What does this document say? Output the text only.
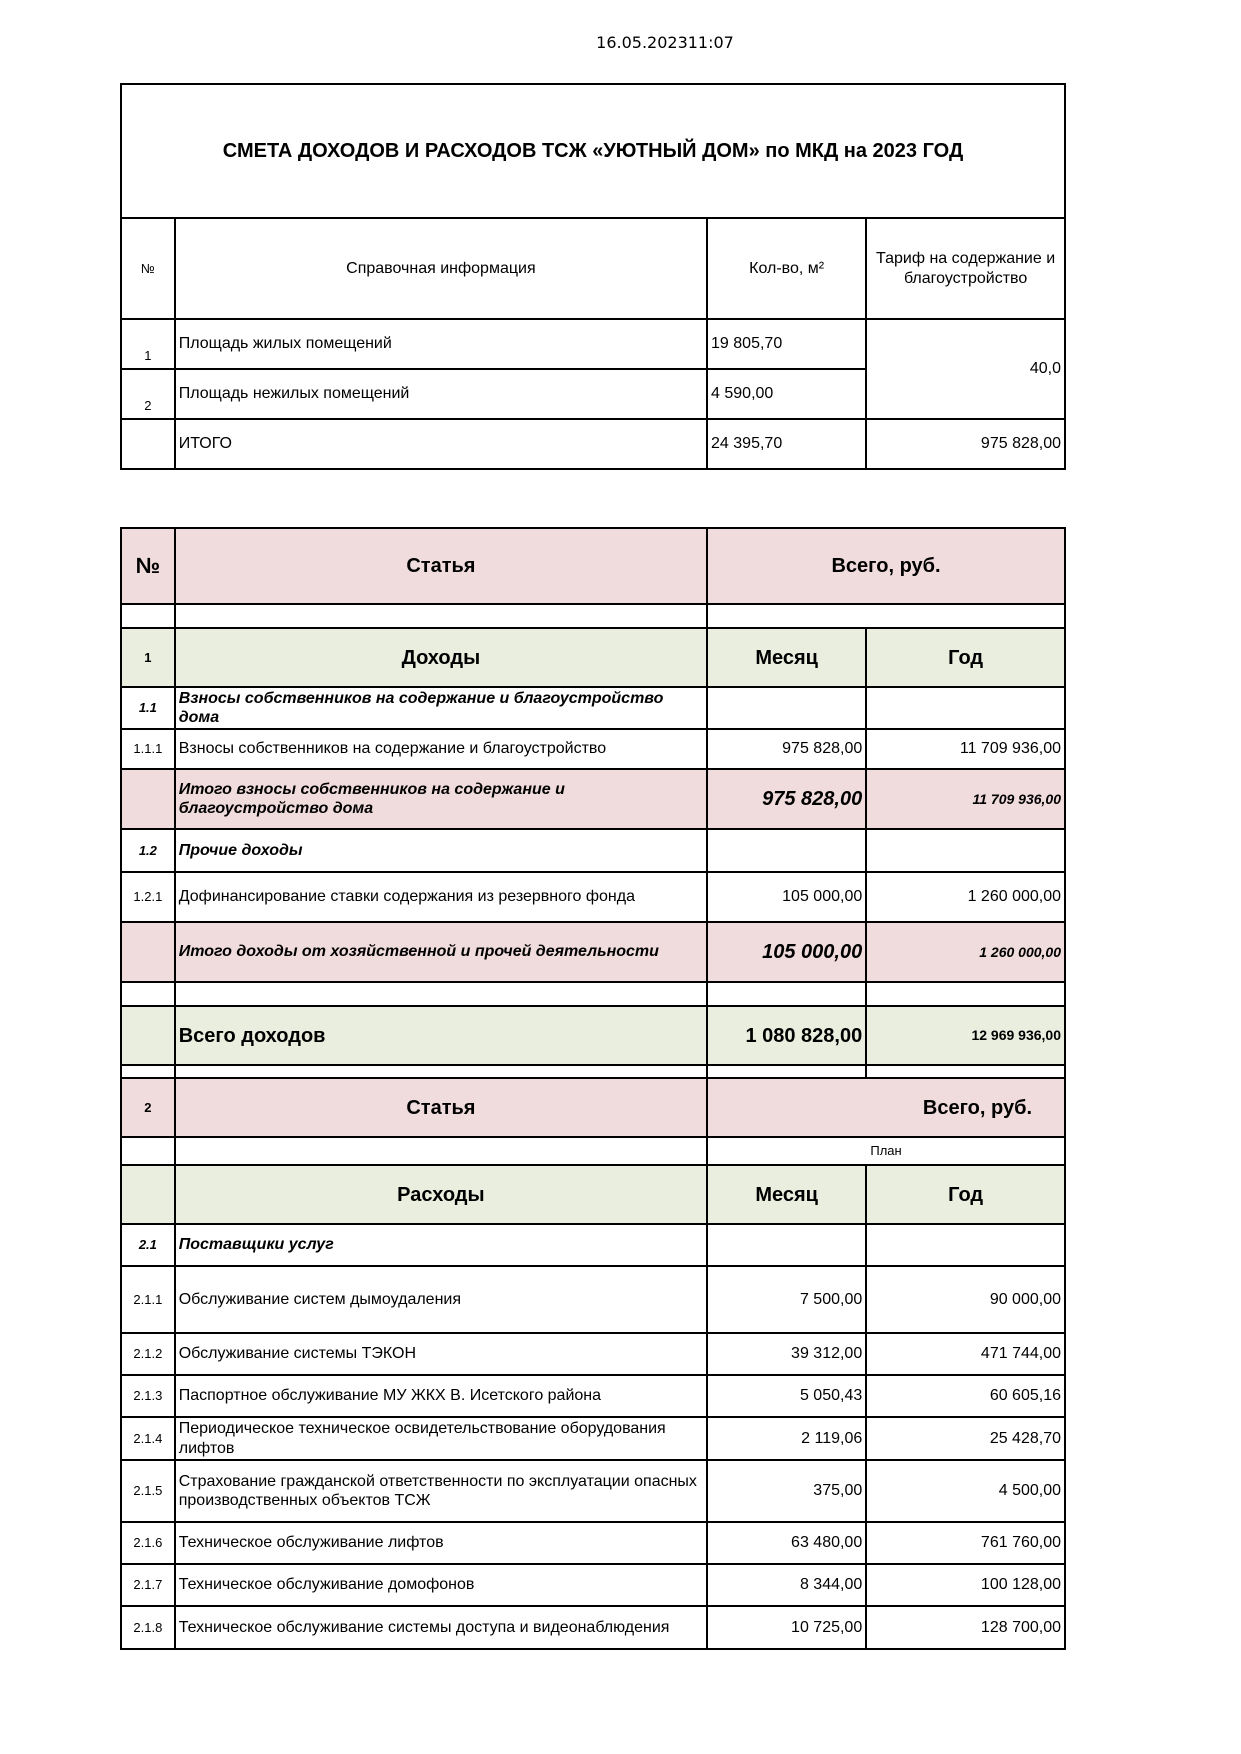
16.05.202311:07
СМЕТА ДОХОДОВ И РАСХОДОВ ТСЖ «УЮТНЫЙ ДОМ» по МКД на 2023 ГОД			
№	Справочная информация	Кол-во, м²	Тариф на содержание и благоустройство
1	Площадь жилых помещений	19 805,70	40,0
2	Площадь нежилых помещений	4 590,00	
	ИТОГО	24 395,70	975 828,00
№	Статья	Всего, руб.	

1	Доходы	Месяц	Год
1.1	Взносы собственников на содержание и благоустройство дома		
1.1.1	Взносы собственников на содержание и благоустройство	975 828,00	11 709 936,00
	Итого взносы собственников на содержание и благоустройство дома	975 828,00	11 709 936,00
1.2	Прочие доходы		
1.2.1	Дофинансирование ставки содержания из резервного фонда	105 000,00	1 260 000,00
	Итого доходы от хозяйственной и прочей деятельности	105 000,00	1 260 000,00

	Всего доходов	1 080 828,00	12 969 936,00

2	Статья	Всего, руб.	
		План	
	Расходы	Месяц	Год
2.1	Поставщики услуг		
2.1.1	Обслуживание систем дымоудаления	7 500,00	90 000,00
2.1.2	Обслуживание системы ТЭКОН	39 312,00	471 744,00
2.1.3	Паспортное обслуживание МУ ЖКХ В. Исетского района	5 050,43	60 605,16
2.1.4	Периодическое техническое освидетельствование оборудования лифтов	2 119,06	25 428,70
2.1.5	Страхование гражданской ответственности по эксплуатации опасных производственных объектов ТСЖ	375,00	4 500,00
2.1.6	Техническое обслуживание лифтов	63 480,00	761 760,00
2.1.7	Техническое обслуживание домофонов	8 344,00	100 128,00
2.1.8	Техническое обслуживание системы доступа и видеонаблюдения	10 725,00	128 700,00
